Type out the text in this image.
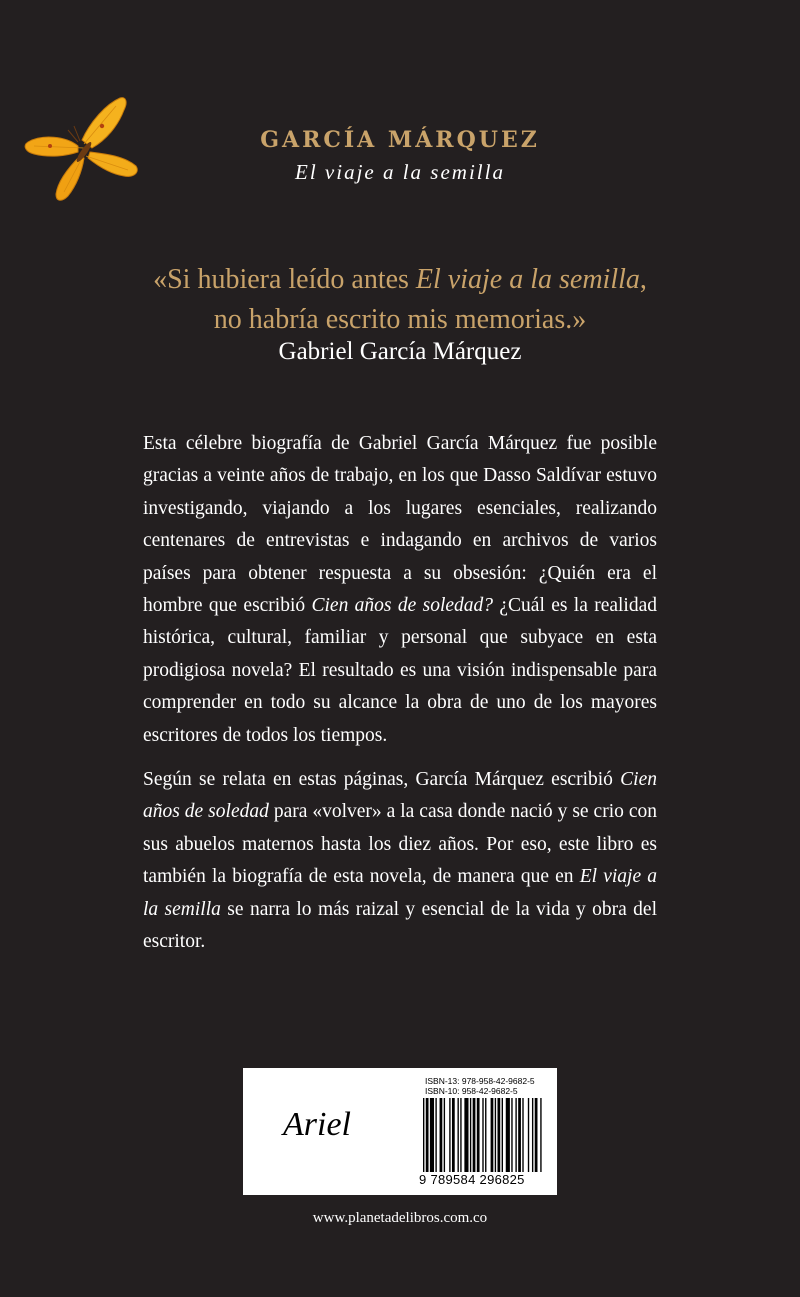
GARCÍA MÁRQUEZ
El viaje a la semilla
«Si hubiera leído antes El viaje a la semilla,
no habría escrito mis memorias.»
Gabriel García Márquez

Esta célebre biografía de Gabriel García Márquez fue posible gracias a veinte años de trabajo, en los que Dasso Saldívar estuvo investigando, viajando a los lugares esenciales, realizando centenares de entrevistas e indagando en archivos de varios países para obtener respuesta a su obsesión: ¿Quién era el hombre que escribió Cien años de soledad? ¿Cuál es la realidad histórica, cultural, familiar y personal que subyace en esta prodigiosa novela? El resultado es una visión indispensable para comprender en todo su alcance la obra de uno de los mayores escritores de todos los tiempos.

Según se relata en estas páginas, García Márquez escribió Cien años de soledad para «volver» a la casa donde nació y se crio con sus abuelos maternos hasta los diez años. Por eso, este libro es también la biografía de esta novela, de manera que en El viaje a la semilla se narra lo más raizal y esencial de la vida y obra del escritor.

Ariel
ISBN-13: 978-958-42-9682-5
ISBN-10: 958-42-9682-5
9 789584 296825
www.planetadelibros.com.co
